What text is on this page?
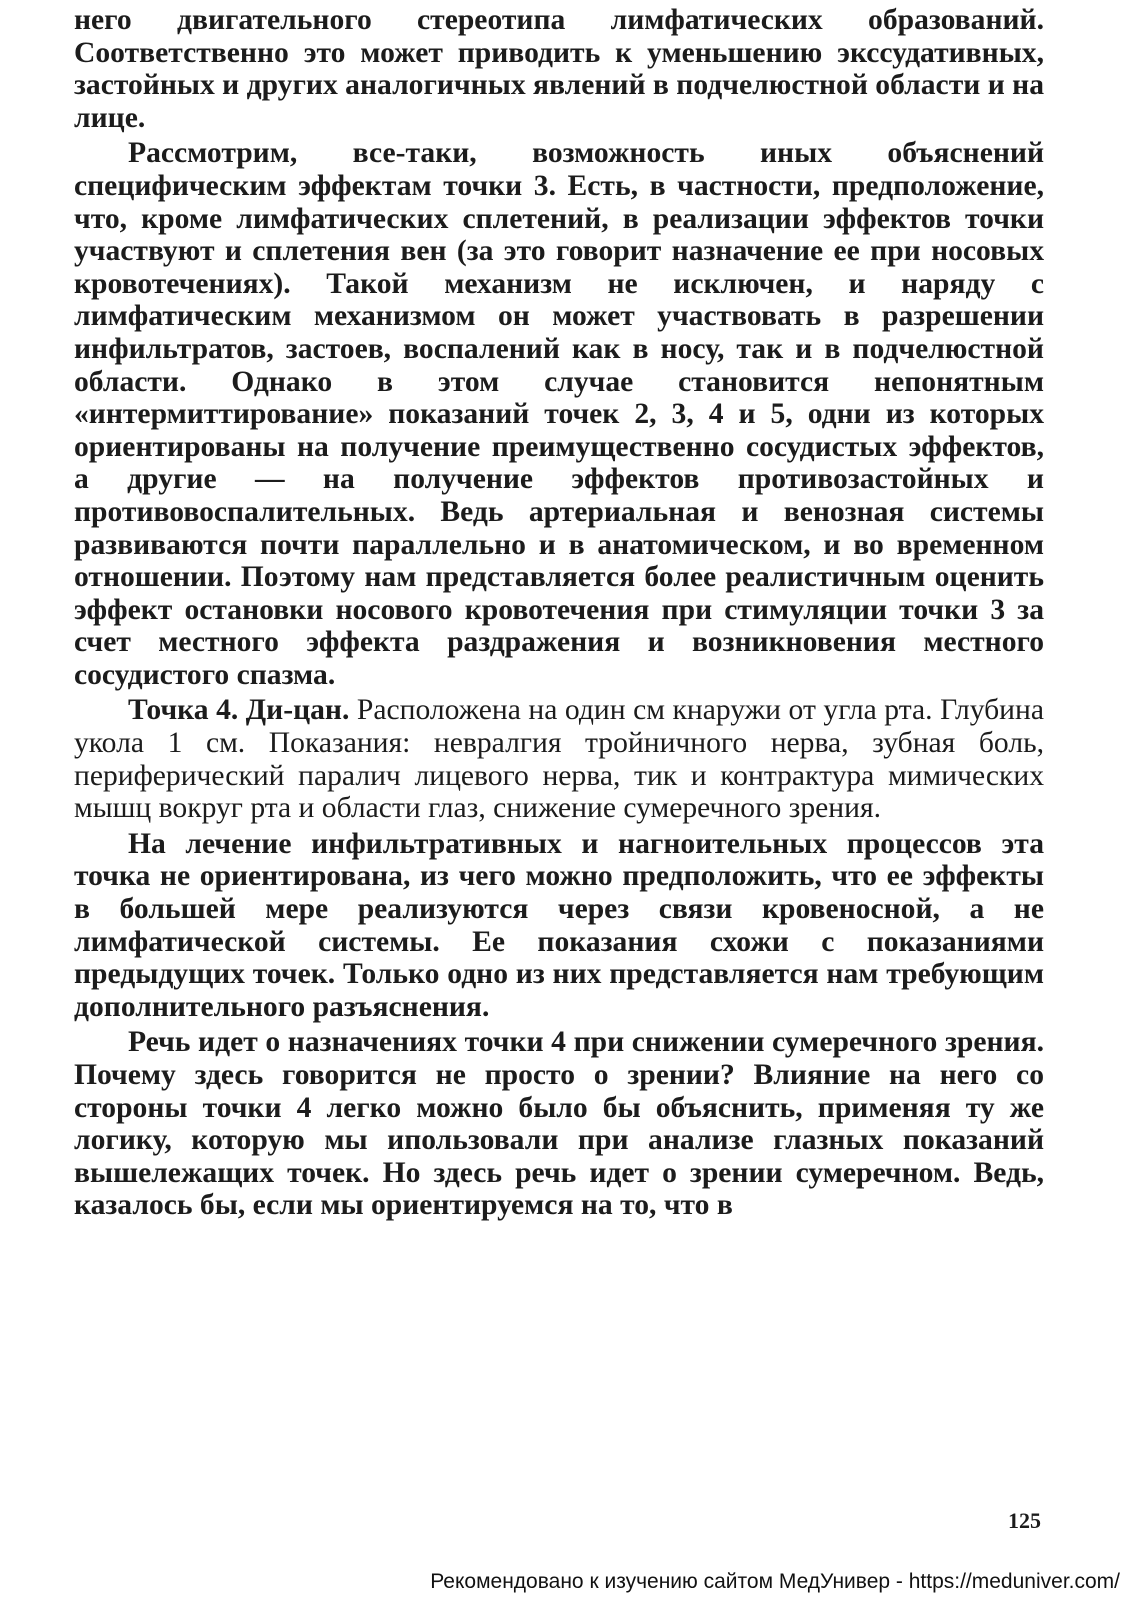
него двигательного стереотипа лимфатических образований. Соответственно это может приводить к уменьшению экссудативных, застойных и других аналогичных явлений в подчелюстной области и на лице.

Рассмотрим, все-таки, возможность иных объяснений специфическим эффектам точки 3. Есть, в частности, предположение, что, кроме лимфатических сплетений, в реализации эффектов точки участвуют и сплетения вен (за это говорит назначение ее при носовых кровотечениях). Такой механизм не исключен, и наряду с лимфатическим механизмом он может участвовать в разрешении инфильтратов, застоев, воспалений как в носу, так и в подчелюстной области. Однако в этом случае становится непонятным «интермиттирование» показаний точек 2, 3, 4 и 5, одни из которых ориентированы на получение преимущественно сосудистых эффектов, а другие — на получение эффектов противозастойных и противовоспалительных. Ведь артериальная и венозная системы развиваются почти параллельно и в анатомическом, и во временном отношении. Поэтому нам представляется более реалистичным оценить эффект остановки носового кровотечения при стимуляции точки 3 за счет местного эффекта раздражения и возникновения местного сосудистого спазма.

Точка 4. Ди-цан. Расположена на один см кнаружи от угла рта. Глубина укола 1 см. Показания: невралгия тройничного нерва, зубная боль, периферический паралич лицевого нерва, тик и контрактура мимических мышц вокруг рта и области глаз, снижение сумеречного зрения.

На лечение инфильтративных и нагноительных процессов эта точка не ориентирована, из чего можно предположить, что ее эффекты в большей мере реализуются через связи кровеносной, а не лимфатической системы. Ее показания схожи с показаниями предыдущих точек. Только одно из них представляется нам требующим дополнительного разъяснения.

Речь идет о назначениях точки 4 при снижении сумеречного зрения. Почему здесь говорится не просто о зрении? Влияние на него со стороны точки 4 легко можно было бы объяснить, применяя ту же логику, которую мы ипользовали при анализе глазных показаний вышележащих точек. Но здесь речь идет о зрении сумеречном. Ведь, казалось бы, если мы ориентируемся на то, что в

125
Рекомендовано к изучению сайтом МедУнивер - https://meduniver.com/
